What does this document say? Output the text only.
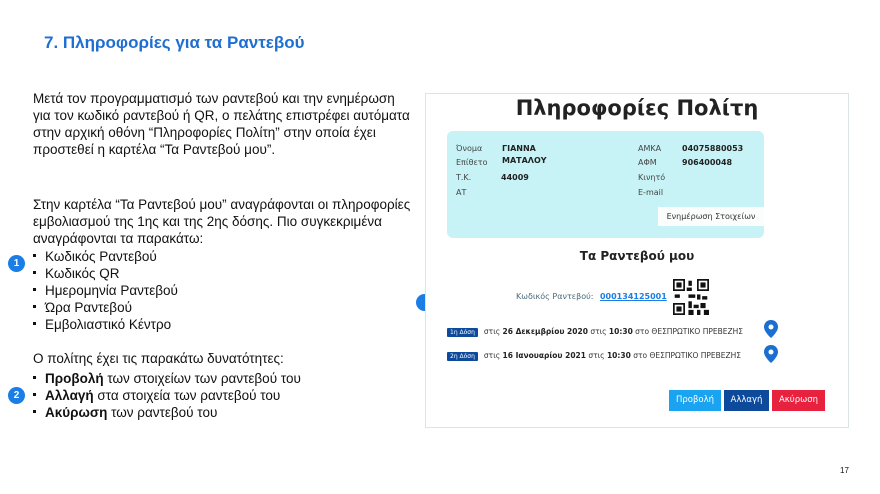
7. Πληροφορίες για τα Ραντεβού
Μετά τον προγραμματισμό των ραντεβού και την ενημέρωση για τον κωδικό ραντεβού ή QR, ο πελάτης επιστρέφει αυτόματα στην αρχική οθόνη “Πληροφορίες Πολίτη” στην οποία έχει προστεθεί η καρτέλα “Τα Ραντεβού μου”.
Στην καρτέλα “Τα Ραντεβού μου” αναγράφονται οι πληροφορίες εμβολιασμού της 1ης και της 2ης δόσης. Πιο συγκεκριμένα αναγράφονται τα παρακάτω:
1	Κωδικός Ραντεβού
Κωδικός QR
Ημερομηνία Ραντεβού
Ώρα Ραντεβού
Εμβολιαστικό Κέντρο
Ο πολίτης έχει τις παρακάτω δυνατότητες:
2
Προβολή των στοιχείων των ραντεβού του
Αλλαγή στα στοιχεία των ραντεβού του
Ακύρωση των ραντεβού του
Πληροφορίες Πολίτη
Όνομα ΓΙΑΝΝΑ
Επίθετο ΜΑΤΑΛΟΥ
Τ.Κ.	44009
ΑΤ
ΑΜΚΑ	04075880053
ΑΦΜ	906400048
Κινητό
E-mail
Ενημέρωση Στοιχείων
Τα Ραντεβού μου
Κωδικός Ραντεβού: 000134125001
1η Δόση στις 26 Δεκεμβρίου 2020 στις 10:30 στο ΘΕΣΠΡΩΤΙΚΟ ΠΡΕΒΕΖΗΣ
2η Δόση στις 16 Ιανουαρίου 2021 στις 10:30 στο ΘΕΣΠΡΩΤΙΚΟ ΠΡΕΒΕΖΗΣ
Προβολή	Αλλαγή	Ακύρωση
17
